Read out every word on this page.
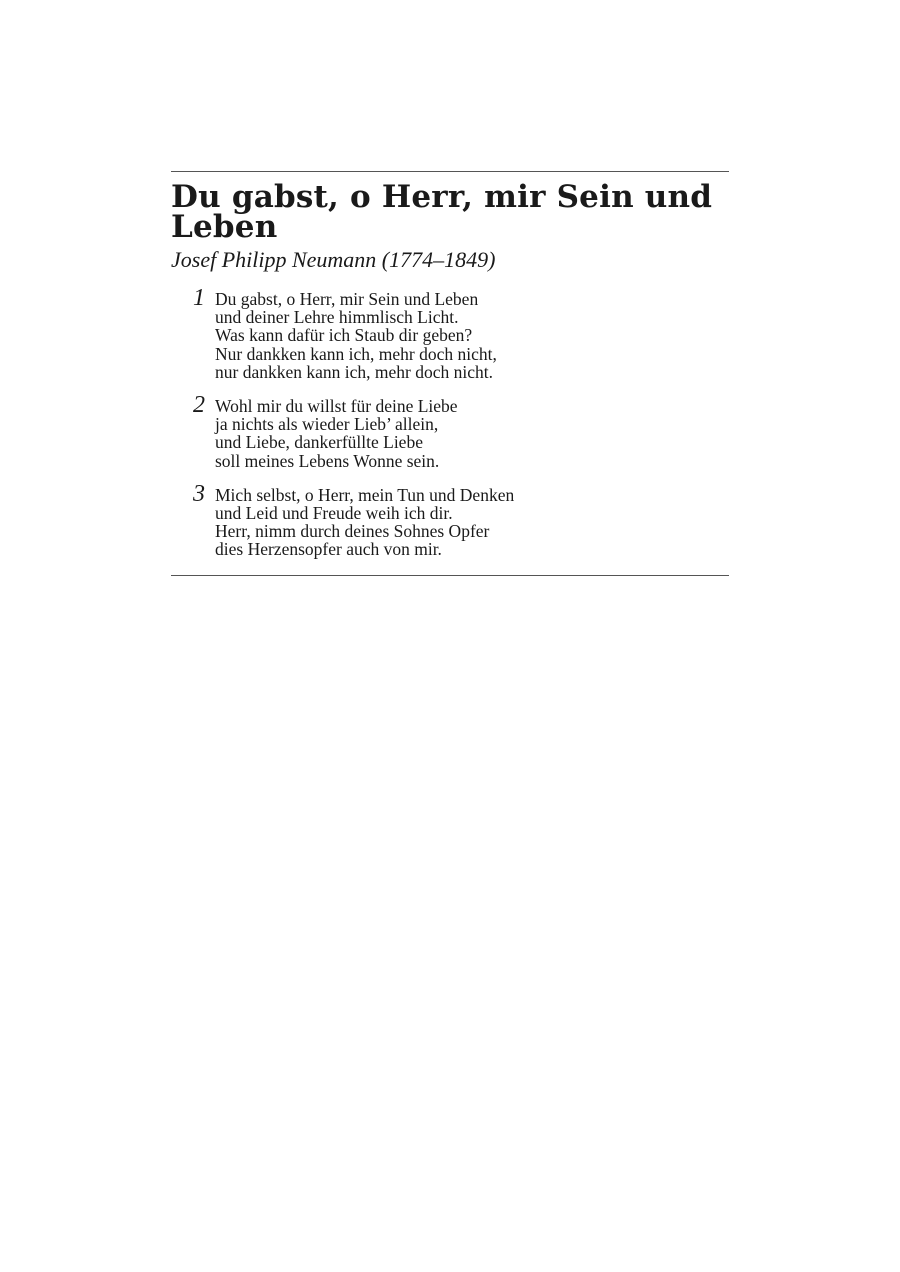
Du gabst, o Herr, mir Sein und Leben
Josef Philipp Neumann (1774–1849)
1 Du gabst, o Herr, mir Sein und Leben
und deiner Lehre himmlisch Licht.
Was kann dafür ich Staub dir geben?
Nur dankken kann ich, mehr doch nicht,
nur dankken kann ich, mehr doch nicht.
2 Wohl mir du willst für deine Liebe
ja nichts als wieder Lieb’ allein,
und Liebe, dankerfüllte Liebe
soll meines Lebens Wonne sein.
3 Mich selbst, o Herr, mein Tun und Denken
und Leid und Freude weih ich dir.
Herr, nimm durch deines Sohnes Opfer
dies Herzensopfer auch von mir.
